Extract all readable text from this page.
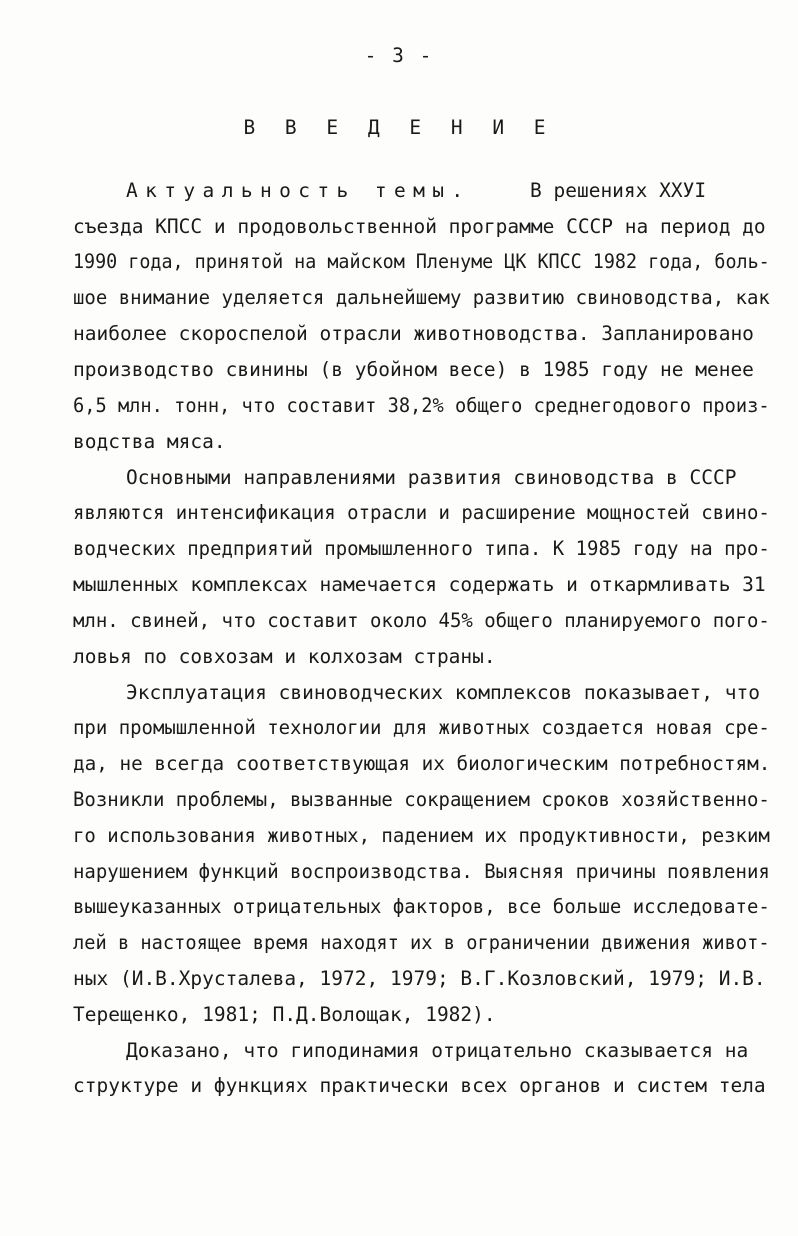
- 3 -
В В Е Д Е Н И Е
Актуальность темы.	В решениях ХХУI
съезда КПСС и продовольственной программе СССР на период до
1990 года, принятой на майском Пленуме ЦК КПСС 1982 года, боль-
шое внимание уделяется дальнейшему развитию свиноводства, как
наиболее скороспелой отрасли животноводства. Запланировано
производство свинины (в убойном весе) в 1985 году не менее
6,5 млн. тонн, что составит 38,2% общего среднегодового произ-
водства мяса.
Основными направлениями развития свиноводства в СССР
являются интенсификация отрасли и расширение мощностей свино-
водческих предприятий промышленного типа. К 1985 году на про-
мышленных комплексах намечается содержать и откармливать 31
млн. свиней, что составит около 45% общего планируемого пого-
ловья по совхозам и колхозам страны.
Эксплуатация свиноводческих комплексов показывает, что
при промышленной технологии для животных создается новая сре-
да, не всегда соответствующая их биологическим потребностям.
Возникли проблемы, вызванные сокращением сроков хозяйственно-
го использования животных, падением их продуктивности, резким
нарушением функций воспроизводства. Выясняя причины появления
вышеуказанных отрицательных факторов, все больше исследовате-
лей в настоящее время находят их в ограничении движения живот-
ных (И.В.Хрусталева, 1972, 1979; В.Г.Козловский, 1979; И.В.
Терещенко, 1981; П.Д.Волощак, 1982).
Доказано, что гиподинамия отрицательно сказывается на
структуре и функциях практически всех органов и систем тела
